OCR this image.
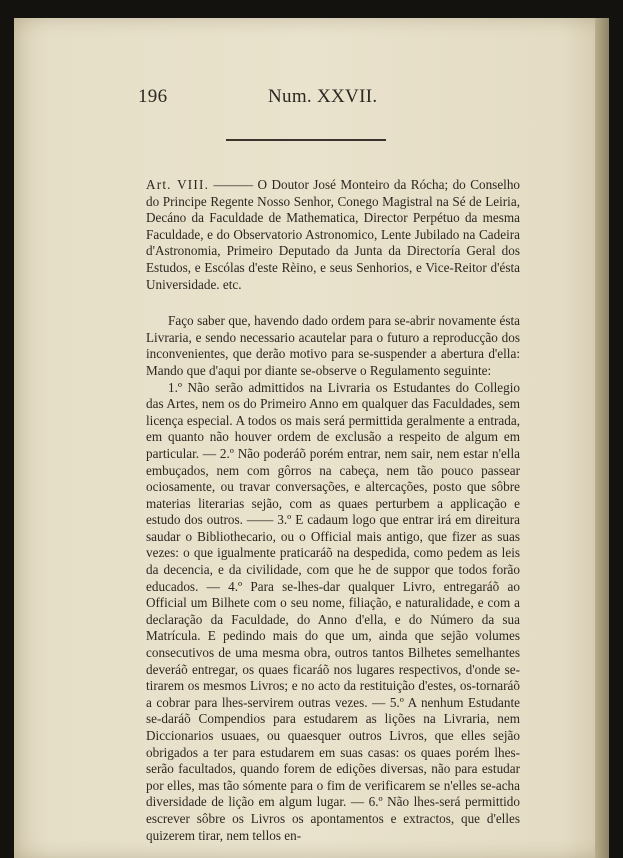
196	Num. XXVII.

Art. VIII. ——— O Doutor José Monteiro da Rócha; do Conselho do Principe Regente Nosso Senhor, Conego Magistral na Sé de Leiria, Decáno da Faculdade de Mathematica, Director Perpétuo da mesma Faculdade, e do Observatorio Astronomico, Lente Jubilado na Cadeira d'Astronomia, Primeiro Deputado da Junta da Directoría Geral dos Estudos, e Escólas d'este Rèino, e seus Senhorios, e Vice-Reitor d'ésta Universidade. etc.

Faço saber que, havendo dado ordem para se-abrir novamente ésta Livraria, e sendo necessario acautelar para o futuro a reproducção dos inconvenientes, que derão motivo para se-suspender a abertura d'ella: Mando que d'aqui por diante se-observe o Regulamento seguinte:

1.º Não serão admittidos na Livraria os Estudantes do Collegio das Artes, nem os do Primeiro Anno em qualquer das Faculdades, sem licença especial. A todos os mais será permittida geralmente a entrada, em quanto não houver ordem de exclusão a respeito de algum em particular. — 2.º Não poderáõ porém entrar, nem sair, nem estar n'ella embuçados, nem com gôrros na cabeça, nem tão pouco passear ociosamente, ou travar conversações, e altercações, posto que sôbre materias literarias sejão, com as quaes perturbem a applicação e estudo dos outros. —— 3.º E cadaum logo que entrar irá em direitura saudar o Bibliothecario, ou o Official mais antigo, que fizer as suas vezes: o que igualmente praticaráõ na despedida, como pedem as leis da decencia, e da civilidade, com que he de suppor que todos forão educados. — 4.º Para se-lhes-dar qualquer Livro, entregaráõ ao Official um Bilhete com o seu nome, filiação, e naturalidade, e com a declaração da Faculdade, do Anno d'ella, e do Número da sua Matrícula. E pedindo mais do que um, ainda que sejão volumes consecutivos de uma mesma obra, outros tantos Bilhetes semelhantes deveráõ entregar, os quaes ficaráõ nos lugares respectivos, d'onde se-tirarem os mesmos Livros; e no acto da restituição d'estes, os-tornaráõ a cobrar para lhes-servirem outras vezes. — 5.º A nenhum Estudante se-daráõ Compendios para estudarem as lições na Livraria, nem Diccionarios usuaes, ou quaesquer outros Livros, que elles sejão obrigados a ter para estudarem em suas casas: os quaes porém lhes-serão facultados, quando forem de edições diversas, não para estudar por elles, mas tão sómente para o fim de verificarem se n'elles se-acha diversidade de lição em algum lugar. — 6.º Não lhes-será permittido escrever sôbre os Livros os apontamentos e extractos, que d'elles quizerem tirar, nem tellos en-
